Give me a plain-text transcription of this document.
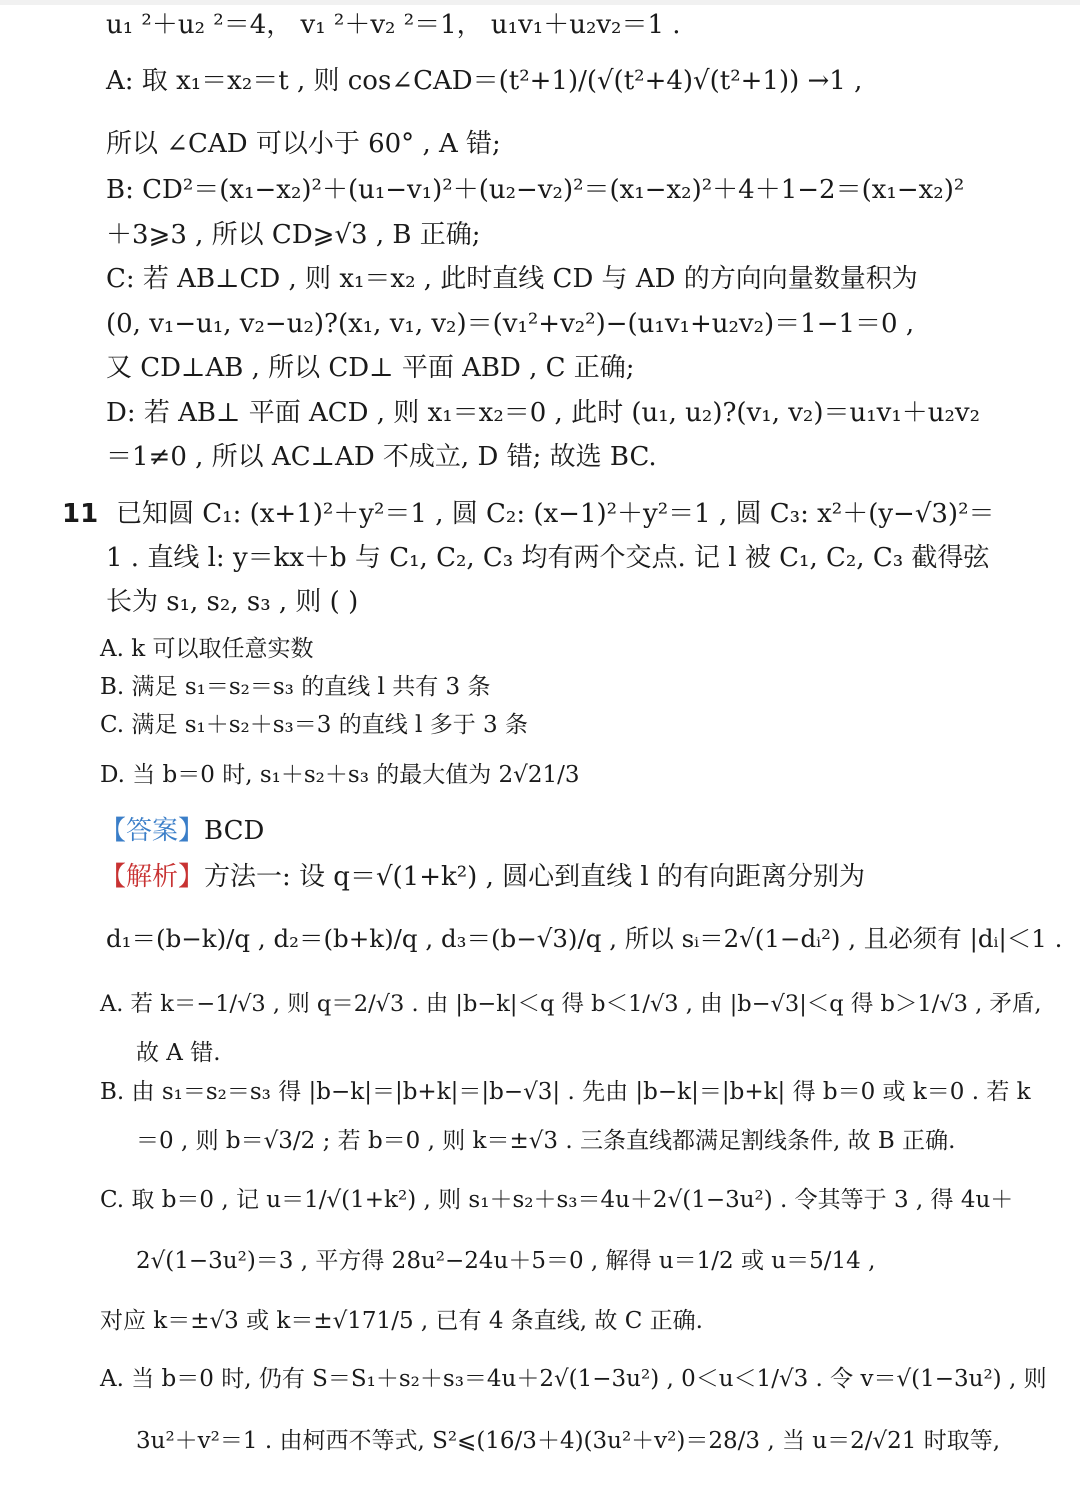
u₁ ²＋u₂ ²＝4， v₁ ²＋v₂ ²＝1， u₁v₁＋u₂v₂＝1 .
A: 取 x₁＝x₂＝t , 则 cos∠CAD＝(t²+1)/(√(t²+4)√(t²+1)) →1 ,
所以 ∠CAD 可以小于 60° , A 错;
B: CD²＝(x₁−x₂)²＋(u₁−v₁)²＋(u₂−v₂)²＝(x₁−x₂)²＋4＋1−2＝(x₁−x₂)²
＋3⩾3 , 所以 CD⩾√3 , B 正确;
C: 若 AB⊥CD , 则 x₁＝x₂ , 此时直线 CD 与 AD 的方向向量数量积为
(0, v₁−u₁, v₂−u₂)?(x₁, v₁, v₂)＝(v₁²+v₂²)−(u₁v₁+u₂v₂)＝1−1＝0 ,
又 CD⊥AB , 所以 CD⊥ 平面 ABD , C 正确;
D: 若 AB⊥ 平面 ACD , 则 x₁＝x₂＝0 , 此时 (u₁, u₂)?(v₁, v₂)＝u₁v₁＋u₂v₂
＝1≠0 , 所以 AC⊥AD 不成立, D 错; 故选 BC.
11 已知圆 C₁: (x+1)²＋y²＝1 , 圆 C₂: (x−1)²＋y²＝1 , 圆 C₃: x²＋(y−√3)²＝
1 . 直线 l: y＝kx＋b 与 C₁, C₂, C₃ 均有两个交点. 记 l 被 C₁, C₂, C₃ 截得弦
长为 s₁, s₂, s₃ , 则 ( )
A. k 可以取任意实数
B. 满足 s₁＝s₂＝s₃ 的直线 l 共有 3 条
C. 满足 s₁＋s₂＋s₃＝3 的直线 l 多于 3 条
D. 当 b＝0 时, s₁＋s₂＋s₃ 的最大值为 2√21/3
【答案】BCD
【解析】方法一: 设 q＝√(1+k²) , 圆心到直线 l 的有向距离分别为
d₁＝(b−k)/q , d₂＝(b+k)/q , d₃＝(b−√3)/q , 所以 sᵢ＝2√(1−dᵢ²) , 且必须有 |dᵢ|＜1 .
A. 若 k＝−1/√3 , 则 q＝2/√3 . 由 |b−k|＜q 得 b＜1/√3 , 由 |b−√3|＜q 得 b＞1/√3 , 矛盾,
故 A 错.
B. 由 s₁＝s₂＝s₃ 得 |b−k|＝|b+k|＝|b−√3| . 先由 |b−k|＝|b+k| 得 b＝0 或 k＝0 . 若 k
＝0 , 则 b＝√3/2 ; 若 b＝0 , 则 k＝±√3 . 三条直线都满足割线条件, 故 B 正确.
C. 取 b＝0 , 记 u＝1/√(1+k²) , 则 s₁＋s₂＋s₃＝4u＋2√(1−3u²) . 令其等于 3 , 得 4u＋
2√(1−3u²)＝3 , 平方得 28u²−24u＋5＝0 , 解得 u＝1/2 或 u＝5/14 ,
对应 k＝±√3 或 k＝±√171/5 , 已有 4 条直线, 故 C 正确.
A. 当 b＝0 时, 仍有 S＝S₁＋s₂＋s₃＝4u＋2√(1−3u²) , 0＜u＜1/√3 . 令 v＝√(1−3u²) , 则
3u²＋v²＝1 . 由柯西不等式, S²⩽(16/3＋4)(3u²＋v²)＝28/3 , 当 u＝2/√21 时取等,
